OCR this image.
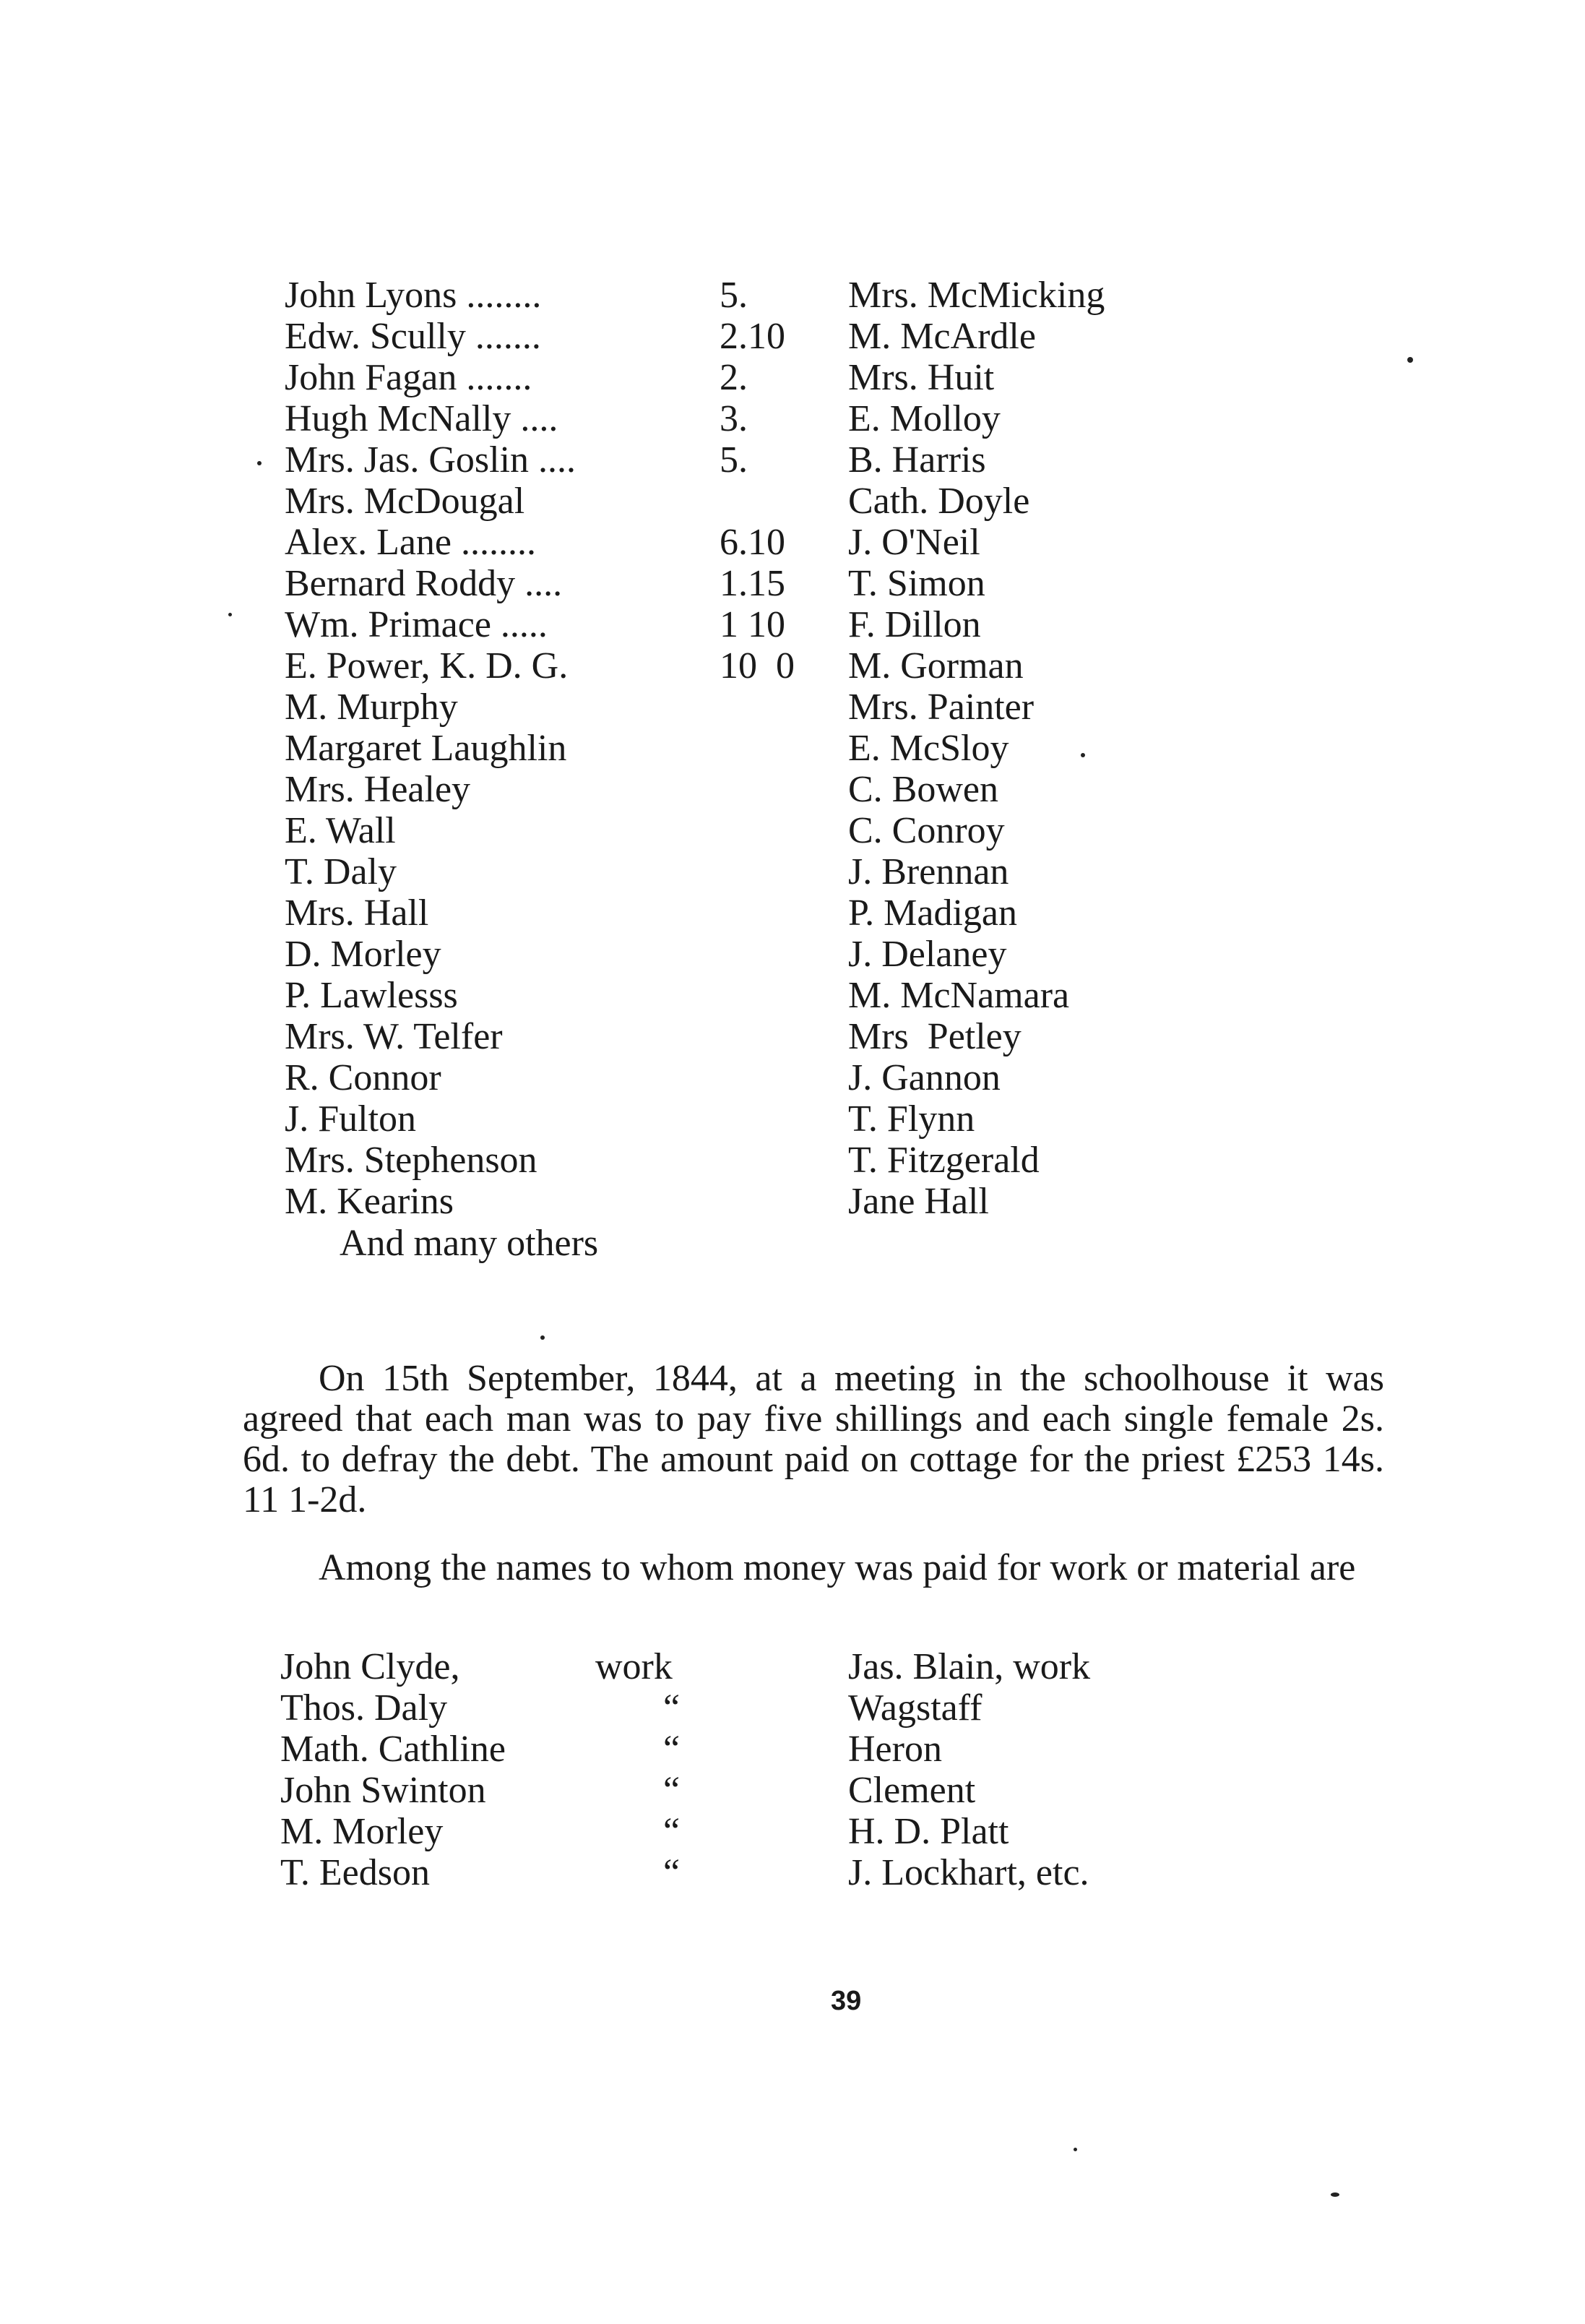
John Lyons ........	5.	Mrs. McMicking
Edw. Scully .......	2.10 M. McArdle
John Fagan .......	2.	Mrs. Huit
Hugh McNally ....	3.	E. Molloy
Mrs. Jas. Goslin ....	5.	B. Harris
Mrs. McDougal	Cath. Doyle
Alex. Lane ........	6.10 J. O'Neil
Bernard Roddy ....	1.15 T. Simon
Wm. Primace .....	1 10 F. Dillon
E. Power, K. D. G.	10  0 M. Gorman
M. Murphy	Mrs. Painter
Margaret Laughlin	E. McSloy
Mrs. Healey	C. Bowen
E. Wall	C. Conroy
T. Daly	J. Brennan
Mrs. Hall	P. Madigan
D. Morley	J. Delaney
P. Lawlesss	M. McNamara
Mrs. W. Telfer	Mrs  Petley
R. Connor	J. Gannon
J. Fulton	T. Flynn
Mrs. Stephenson	T. Fitzgerald
M. Kearins	Jane Hall
And many others

On 15th September, 1844, at a meeting in the schoolhouse it was agreed that each man was to pay five shillings and each single female 2s. 6d. to defray the debt. The amount paid on cottage for the priest £253 14s. 11 1-2d.

Among the names to whom money was paid for work or material are

John Clyde,	work	Jas. Blain, work
Thos. Daly	“	Wagstaff
Math. Cathline	“	Heron
John Swinton	“	Clement
M. Morley	“	H. D. Platt
T. Eedson	“	J. Lockhart, etc.
39
